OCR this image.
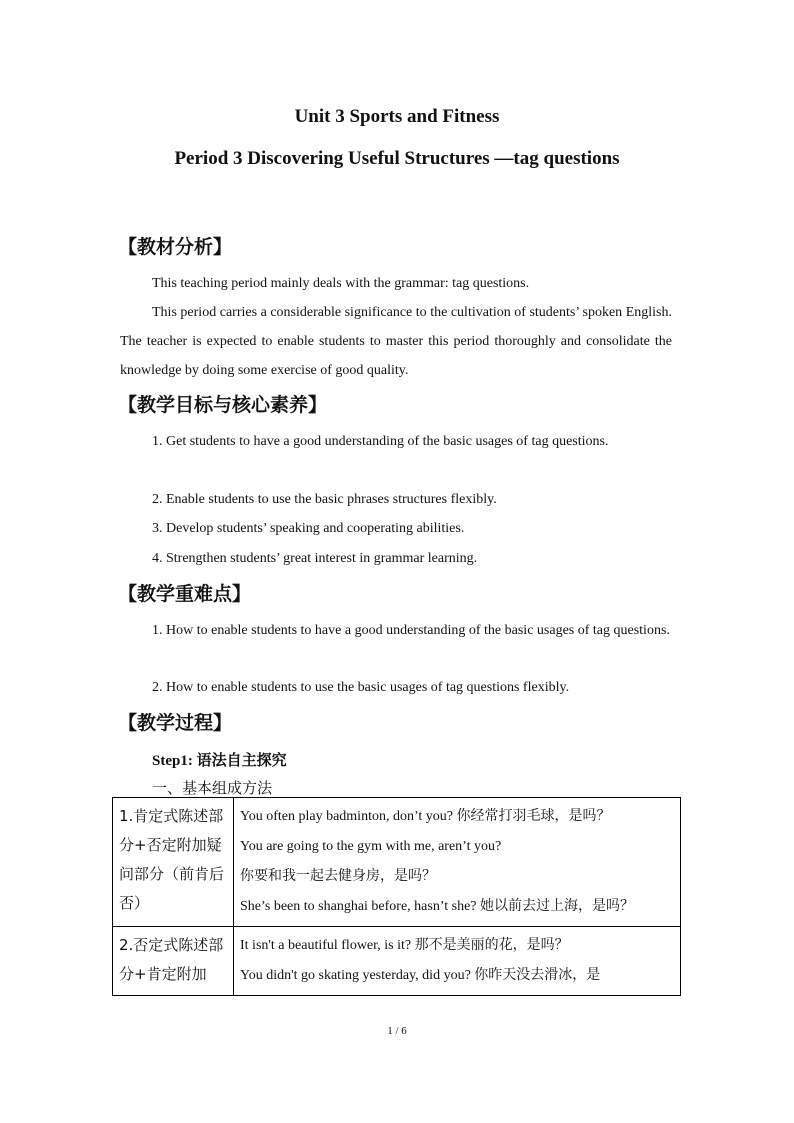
Unit 3 Sports and Fitness
Period 3 Discovering Useful Structures —tag questions
【教材分析】
This teaching period mainly deals with the grammar: tag questions.
This period carries a considerable significance to the cultivation of students’ spoken English. The teacher is expected to enable students to master this period thoroughly and consolidate the knowledge by doing some exercise of good quality.
【教学目标与核心素养】
1. Get students to have a good understanding of the basic usages of tag questions.
2. Enable students to use the basic phrases structures flexibly.
3. Develop students’ speaking and cooperating abilities.
4. Strengthen students’ great interest in grammar learning.
【教学重难点】
1. How to enable students to have a good understanding of the basic usages of tag questions.
2. How to enable students to use the basic usages of tag questions flexibly.
【教学过程】
Step1: 语法自主探究
一、基本组成方法
1.肯定式陈述部分+否定附加疑问部分（前肯后否）	You often play badminton, don’t you? 你经常打羽毛球，是吗？
You are going to the gym with me, aren’t you?
你要和我一起去健身房，是吗？
She’s been to shanghai before, hasn’t she? 她以前去过上海，是吗？

2.否定式陈述部分+肯定附加	It isn't a beautiful flower, is it? 那不是美丽的花，是吗？
You didn't go skating yesterday, did you? 你昨天没去滑冰，是
1 / 6
